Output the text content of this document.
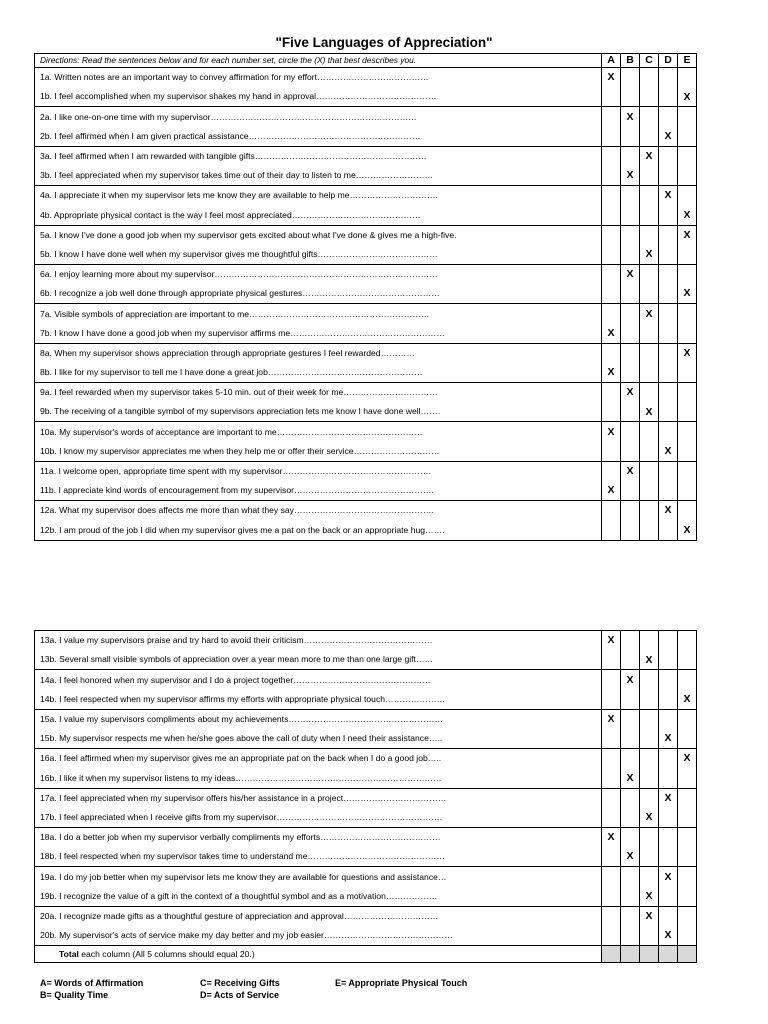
"Five Languages of Appreciation"
Directions: Read the sentences below and for each number set, circle the (X) that best describes you.	A	B	C	D	E
1a. Written notes are an important way to convey affirmation for my effort…………………………………	X				
1b. I feel accomplished when my supervisor shakes my hand in approval……………………………………					X
2a. I like one-on-one time with my supervisor………………………………………………………………		X			
2b. I feel affirmed when I am given practical assistance……………………………………………………				X	
3a. I feel affirmed when I am rewarded with tangible gifts……………………………………………………			X		
3b. I feel appreciated when my supervisor takes time out of their day to listen to me………………………		X			
4a. I appreciate it when my supervisor lets me know they are available to help me………………………….				X	
4b. Appropriate physical contact is the way I feel most appreciated………………………………………					X
5a. I know I've done a good job when my supervisor gets excited about what I've done & gives me a high-five.					X
5b. I know I have done well when my supervisor gives me thoughtful gifts……………………………………			X		
6a. I enjoy learning more about my supervisor……………………………………………………………………		X			
6b. I recognize a job well done through appropriate physical gestures…………………………………………					X
7a. Visible symbols of appreciation are important to me………………………………………………………			X		
7b. I know I have done a good job when my supervisor affirms me………………………………………………	X				
8a. When my supervisor shows appreciation through appropriate gestures I feel rewarded…………					X
8b. I like for my supervisor to tell me I have done a great job………………………………………………	X				
9a. I feel rewarded when my supervisor takes 5-10 min. out of their week for me……………………………		X			
9b. The receiving of a tangible symbol of my supervisors appreciation lets me know I have done well…….			X		
10a. My supervisor's words of acceptance are important to me……………………………………………	X				
10b. I know my supervisor appreciates me when they help me or offer their service…………………………				X	
11a. I welcome open, appropriate time spent with my supervisor…………………………………………….		X			
11b. I appreciate kind words of encouragement from my supervisor………………………………………….	X				
12a. What my supervisor does affects me more than what they say………………………………………….				X	
12b. I am proud of the job I did when my supervisor gives me a pat on the back or an appropriate hug…….					X
13a. I value my supervisors praise and try hard to avoid their criticism………………………………………	X				
13b. Several small visible symbols of appreciation over a year mean more to me than one large gift……			X		
14a. I feel honored when my supervisor and I do a project together…………………………………………		X			
14b. I feel respected when my supervisor affirms my efforts with appropriate physical touch…………………					X
15a. I value my supervisors compliments about my achievements………………………………………………	X				
15b. My supervisor respects me when he/she goes above the call of duty when I need their assistance…..				X	
16a. I feel affirmed when my supervisor gives me an appropriate pat on the back when I do a good job…..					X
16b. I like it when my supervisor listens to my ideas………………………………………………………………		X			
17a. I feel appreciated when my supervisor offers his/her assistance in a project………………………………				X	
17b. I feel appreciated when I receive gifts from my supervisor………………………………………………….			X		
18a. I do a better job when my supervisor verbally compliments my efforts……………………………………	X				
18b. I feel respected when my supervisor takes time to understand me…………………………………………		X			
19a. I do my job better when my supervisor lets me know they are available for questions and assistance…				X	
19b. I recognize the value of a gift in the context of a thoughtful symbol and as a motivation………………			X		
20a. I recognize made gifts as a thoughtful gesture of appreciation and approval……………………………			X		
20b. My supervisor's acts of service make my day better and my job easier………………………………………				X	
Total each column (All 5 columns should equal 20.)					
A= Words of Affirmation
B= Quality Time
C= Receiving Gifts
D= Acts of Service
E= Appropriate Physical Touch
